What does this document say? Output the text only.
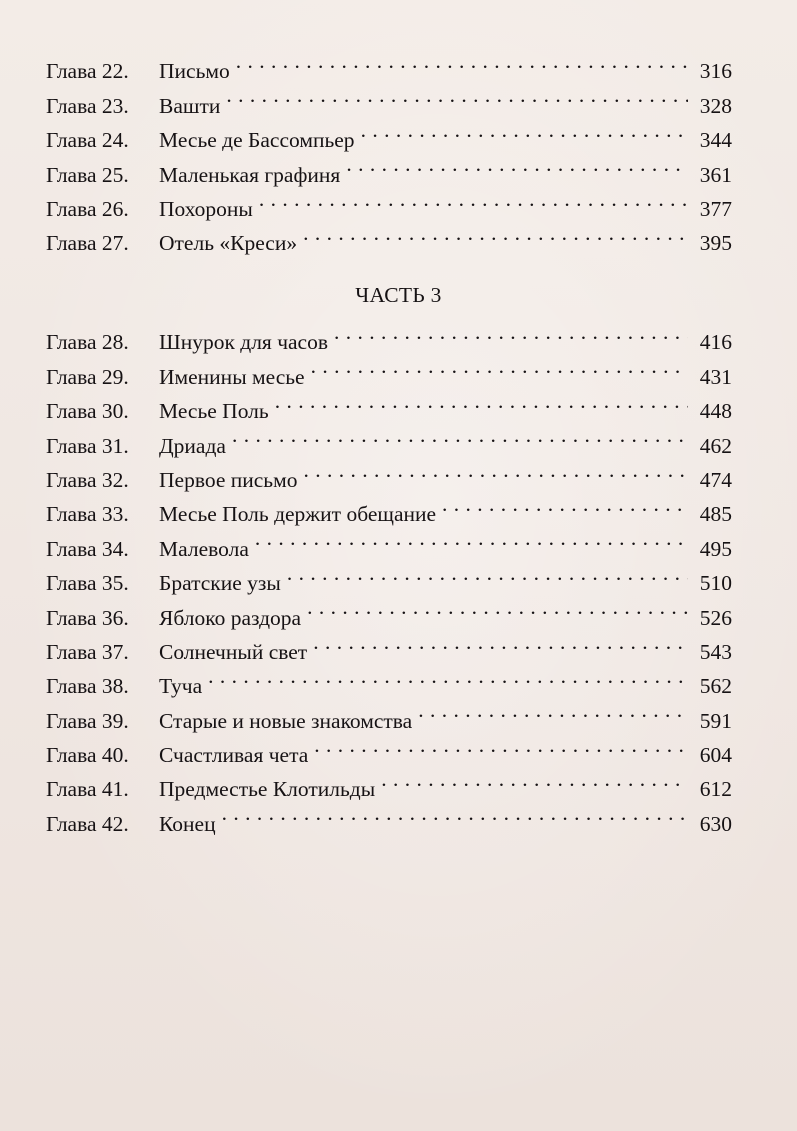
Глава 22.	Письмо . . .	316
Глава 23.	Вашти . . .	328
Глава 24.	Месье де Бассомпьер . . .	344
Глава 25.	Маленькая графиня . . .	361
Глава 26.	Похороны . . .	377
Глава 27.	Отель «Креси» . . .	395
ЧАСТЬ 3
Глава 28.	Шнурок для часов . . .	416
Глава 29.	Именины месье . . .	431
Глава 30.	Месье Поль . . .	448
Глава 31.	Дриада . . .	462
Глава 32.	Первое письмо . . .	474
Глава 33.	Месье Поль держит обещание . . .	485
Глава 34.	Малевола . . .	495
Глава 35.	Братские узы . . .	510
Глава 36.	Яблоко раздора . . .	526
Глава 37.	Солнечный свет . . .	543
Глава 38.	Туча . . .	562
Глава 39.	Старые и новые знакомства . . .	591
Глава 40.	Счастливая чета . . .	604
Глава 41.	Предместье Клотильды . . .	612
Глава 42.	Конец . . .	630
